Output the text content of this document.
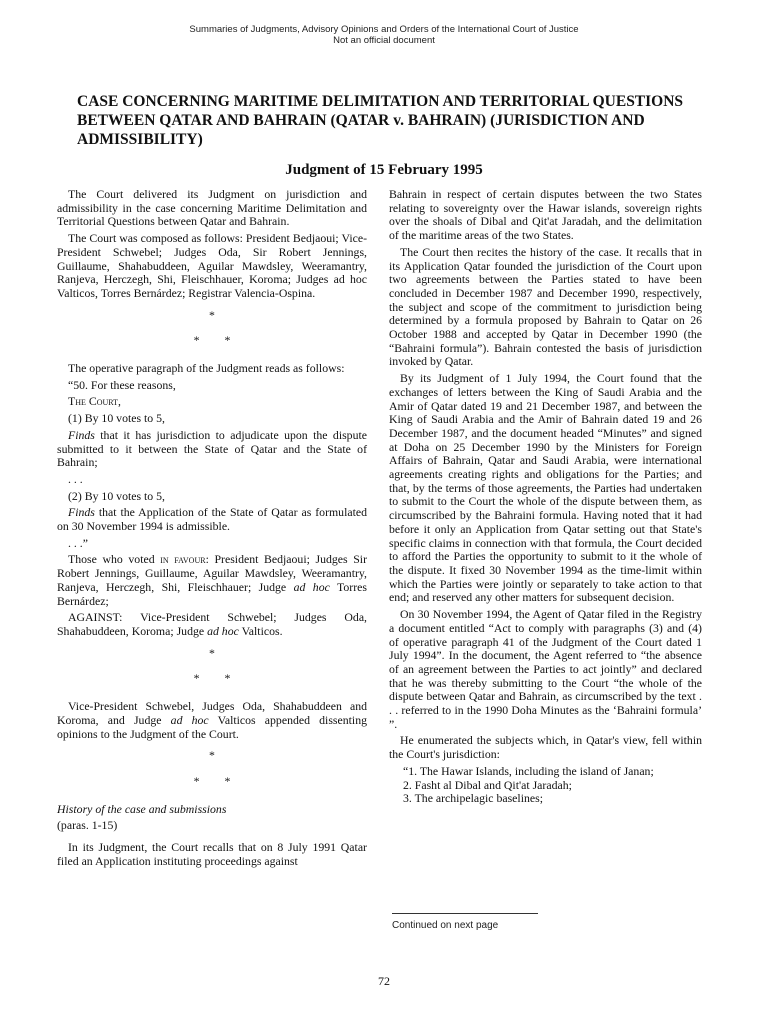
Summaries of Judgments, Advisory Opinions and Orders of the International Court of Justice
Not an official document
CASE CONCERNING MARITIME DELIMITATION AND TERRITORIAL QUESTIONS BETWEEN QATAR AND BAHRAIN (QATAR v. BAHRAIN) (JURISDICTION AND ADMISSIBILITY)
Judgment of 15 February 1995

The Court delivered its Judgment on jurisdiction and admissibility in the case concerning Maritime Delimitation and Territorial Questions between Qatar and Bahrain.

The Court was composed as follows: President Bedjaoui; Vice-President Schwebel; Judges Oda, Sir Robert Jennings, Guillaume, Shahabuddeen, Aguilar Mawdsley, Weeramantry, Ranjeva, Herczegh, Shi, Fleischhauer, Koroma; Judges ad hoc Valticos, Torres Bernárdez; Registrar Valencia-Ospina.

*
* *

The operative paragraph of the Judgment reads as follows:

“50. For these reasons,

The Court,

(1) By 10 votes to 5,

Finds that it has jurisdiction to adjudicate upon the dispute submitted to it between the State of Qatar and the State of Bahrain;

. . .

(2) By 10 votes to 5,

Finds that the Application of the State of Qatar as formulated on 30 November 1994 is admissible.

. . .”

Those who voted in favour: President Bedjaoui; Judges Sir Robert Jennings, Guillaume, Aguilar Mawdsley, Weeramantry, Ranjeva, Herczegh, Shi, Fleischhauer; Judge ad hoc Torres Bernárdez;

AGAINST: Vice-President Schwebel; Judges Oda, Shahabuddeen, Koroma; Judge ad hoc Valticos.

*
* *

Vice-President Schwebel, Judges Oda, Shahabuddeen and Koroma, and Judge ad hoc Valticos appended dissenting opinions to the Judgment of the Court.

*
* *

History of the case and submissions

(paras. 1-15)

In its Judgment, the Court recalls that on 8 July 1991 Qatar filed an Application instituting proceedings against

Bahrain in respect of certain disputes between the two States relating to sovereignty over the Hawar islands, sovereign rights over the shoals of Dibal and Qit'at Jaradah, and the delimitation of the maritime areas of the two States.

The Court then recites the history of the case. It recalls that in its Application Qatar founded the jurisdiction of the Court upon two agreements between the Parties stated to have been concluded in December 1987 and December 1990, respectively, the subject and scope of the commitment to jurisdiction being determined by a formula proposed by Bahrain to Qatar on 26 October 1988 and accepted by Qatar in December 1990 (the “Bahraini formula”). Bahrain contested the basis of jurisdiction invoked by Qatar.

By its Judgment of 1 July 1994, the Court found that the exchanges of letters between the King of Saudi Arabia and the Amir of Qatar dated 19 and 21 December 1987, and between the King of Saudi Arabia and the Amir of Bahrain dated 19 and 26 December 1987, and the document headed “Minutes” and signed at Doha on 25 December 1990 by the Ministers for Foreign Affairs of Bahrain, Qatar and Saudi Arabia, were international agreements creating rights and obligations for the Parties; and that, by the terms of those agreements, the Parties had undertaken to submit to the Court the whole of the dispute between them, as circumscribed by the Bahraini formula. Having noted that it had before it only an Application from Qatar setting out that State's specific claims in connection with that formula, the Court decided to afford the Parties the opportunity to submit to it the whole of the dispute. It fixed 30 November 1994 as the time-limit within which the Parties were jointly or separately to take action to that end; and reserved any other matters for subsequent decision.

On 30 November 1994, the Agent of Qatar filed in the Registry a document entitled “Act to comply with paragraphs (3) and (4) of operative paragraph 41 of the Judgment of the Court dated 1 July 1994”. In the document, the Agent referred to “the absence of an agreement between the Parties to act jointly” and declared that he was thereby submitting to the Court “the whole of the dispute between Qatar and Bahrain, as circumscribed by the text . . . referred to in the 1990 Doha Minutes as the ‘Bahraini formula’ ”.

He enumerated the subjects which, in Qatar's view, fell within the Court's jurisdiction:

“1. The Hawar Islands, including the island of Janan;
2. Fasht al Dibal and Qit'at Jaradah;
3. The archipelagic baselines;
Continued on next page
72
